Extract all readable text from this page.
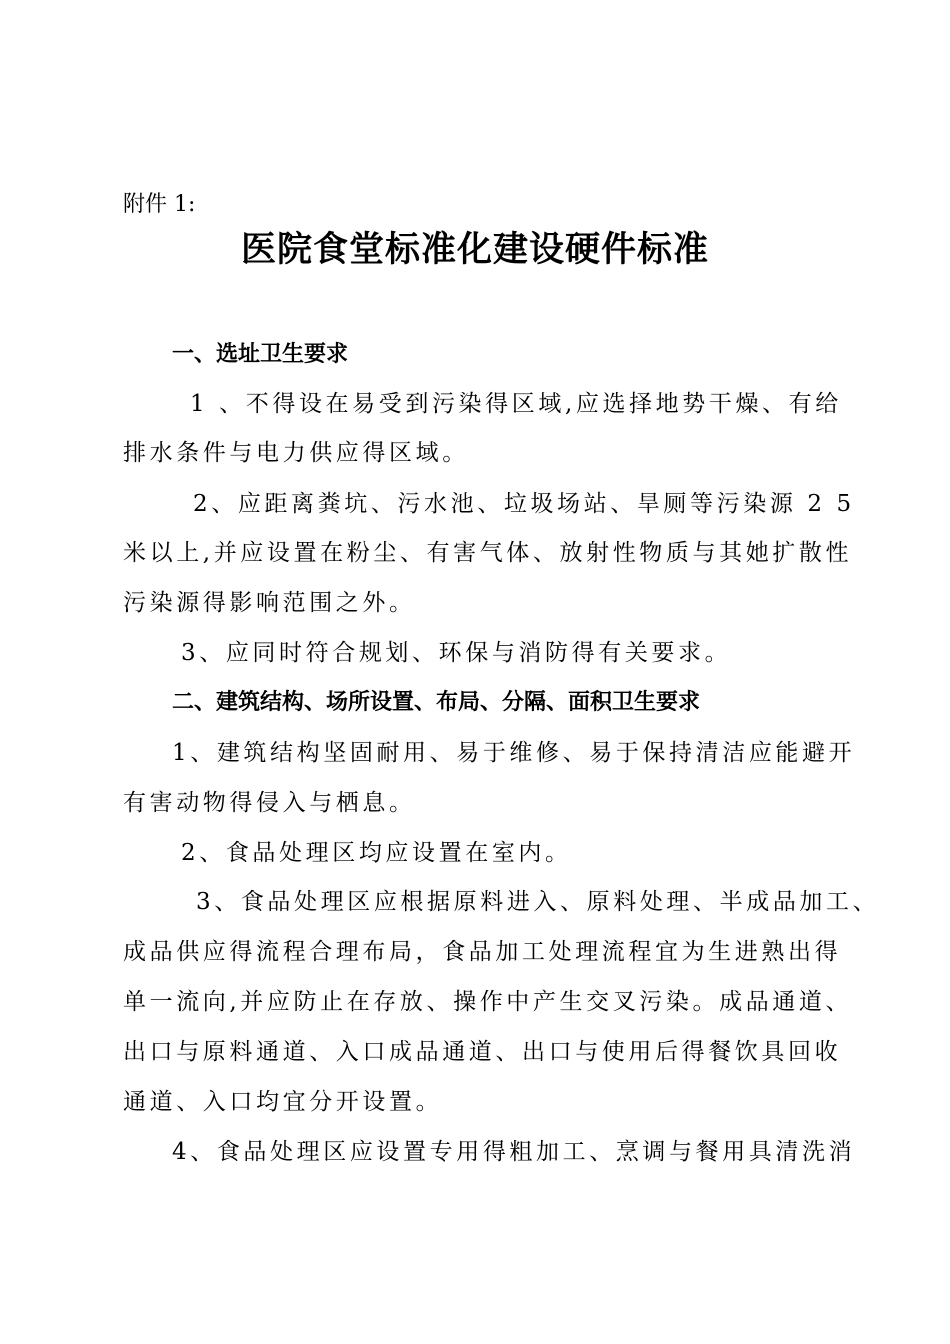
附件 1:
医院食堂标准化建设硬件标准
一、选址卫生要求
1 、不得设在易受到污染得区域,应选择地势干燥、有给
排水条件与电力供应得区域。
2、应距离粪坑、污水池、垃圾场站、旱厕等污染源 2 5
米以上,并应设置在粉尘、有害气体、放射性物质与其她扩散性
污染源得影响范围之外。
3、应同时符合规划、环保与消防得有关要求。
二、建筑结构、场所设置、布局、分隔、面积卫生要求
1、建筑结构坚固耐用、易于维修、易于保持清洁应能避开
有害动物得侵入与栖息。
2、食品处理区均应设置在室内。
3、食品处理区应根据原料进入、原料处理、半成品加工、
成品供应得流程合理布局，食品加工处理流程宜为生进熟出得
单一流向,并应防止在存放、操作中产生交叉污染。成品通道、
出口与原料通道、入口成品通道、出口与使用后得餐饮具回收
通道、入口均宜分开设置。
4、食品处理区应设置专用得粗加工、烹调与餐用具清洗消
